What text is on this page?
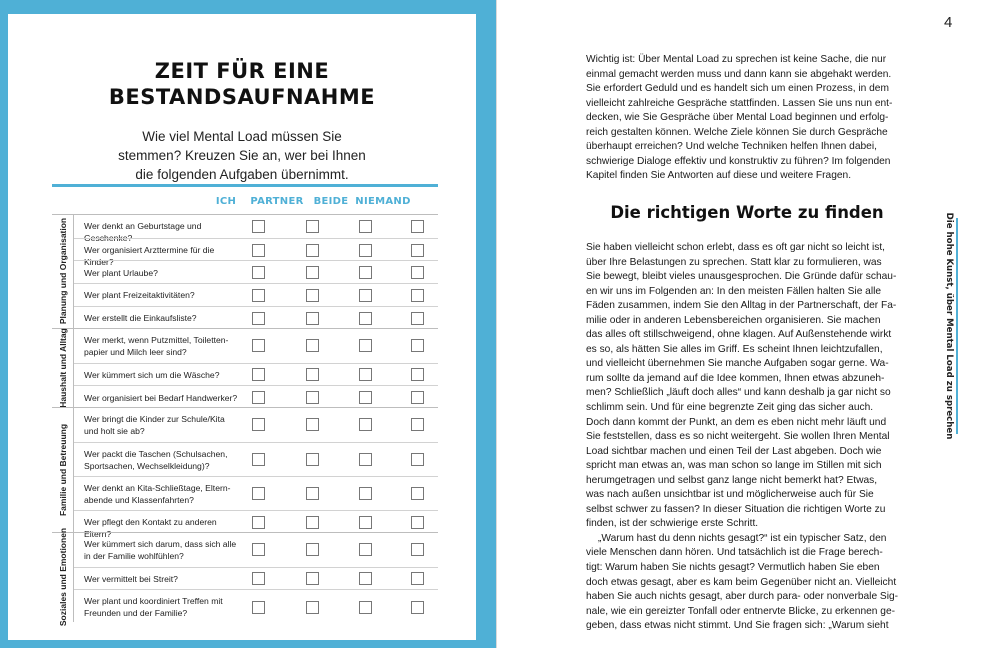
ZEIT FÜR EINE
BESTANDSAUFNAHME
Wie viel Mental Load müssen Sie
stemmen? Kreuzen Sie an, wer bei Ihnen
die folgenden Aufgaben übernimmt.
ICH	PARTNER BEIDE NIEMAND
Planung und Organisation Wer denkt an Geburtstage und Geschenke?
Wer organisiert Arzttermine für die Kinder?
Wer plant Urlaube?
Wer plant Freizeitaktivitäten?
Wer erstellt die Einkaufsliste?
Haushalt und Alltag Wer merkt, wenn Putzmittel, Toiletten-
papier und Milch leer sind?
Wer kümmert sich um die Wäsche?
Wer organisiert bei Bedarf Handwerker?
Familie und Betreuung
Wer bringt die Kinder zur Schule/Kita
und holt sie ab?
Wer packt die Taschen (Schulsachen,
Sportsachen, Wechselkleidung)?
Wer denkt an Kita-Schließtage, Eltern-
abende und Klassenfahrten?
Wer pflegt den Kontakt zu anderen Eltern?
Soziales und Emotionen Wer kümmert sich darum, dass sich alle
in der Familie wohlfühlen?
Wer vermittelt bei Streit?
Wer plant und koordiniert Treffen mit
Freunden und der Familie?
4
Wichtig ist: Über Mental Load zu sprechen ist keine Sache, die nur
einmal gemacht werden muss und dann kann sie abgehakt werden.
Sie erfordert Geduld und es handelt sich um einen Prozess, in dem
vielleicht zahlreiche Gespräche stattfinden. Lassen Sie uns nun ent-
decken, wie Sie Gespräche über Mental Load beginnen und erfolg-
reich gestalten können. Welche Ziele können Sie durch Gespräche
überhaupt erreichen? Und welche Techniken helfen Ihnen dabei,
schwierige Dialoge effektiv und konstruktiv zu führen? Im folgenden
Kapitel finden Sie Antworten auf diese und weitere Fragen.
Die richtigen Worte zu finden
Sie haben vielleicht schon erlebt, dass es oft gar nicht so leicht ist,
über Ihre Belastungen zu sprechen. Statt klar zu formulieren, was
Sie bewegt, bleibt vieles unausgesprochen. Die Gründe dafür schau-
en wir uns im Folgenden an: In den meisten Fällen halten Sie alle
Fäden zusammen, indem Sie den Alltag in der Partnerschaft, der Fa-
milie oder in anderen Lebensbereichen organisieren. Sie machen
das alles oft stillschweigend, ohne klagen. Auf Außenstehende wirkt
es so, als hätten Sie alles im Griff. Es scheint Ihnen leichtzufallen,
und vielleicht übernehmen Sie manche Aufgaben sogar gerne. Wa-
rum sollte da jemand auf die Idee kommen, Ihnen etwas abzuneh-
men? Schließlich „läuft doch alles“ und kann deshalb ja gar nicht so
schlimm sein. Und für eine begrenzte Zeit ging das sicher auch.
Doch dann kommt der Punkt, an dem es eben nicht mehr läuft und
Sie feststellen, dass es so nicht weitergeht. Sie wollen Ihren Mental
Load sichtbar machen und einen Teil der Last abgeben. Doch wie
spricht man etwas an, was man schon so lange im Stillen mit sich
herumgetragen und selbst ganz lange nicht bemerkt hat? Etwas,
was nach außen unsichtbar ist und möglicherweise auch für Sie
selbst schwer zu fassen? In dieser Situation die richtigen Worte zu
finden, ist der schwierige erste Schritt.
„Warum hast du denn nichts gesagt?“ ist ein typischer Satz, den
viele Menschen dann hören. Und tatsächlich ist die Frage berech-
tigt: Warum haben Sie nichts gesagt? Vermutlich haben Sie eben
doch etwas gesagt, aber es kam beim Gegenüber nicht an. Vielleicht
haben Sie auch nichts gesagt, aber durch para- oder nonverbale Sig-
nale, wie ein gereizter Tonfall oder entnervte Blicke, zu erkennen ge-
geben, dass etwas nicht stimmt. Und Sie fragen sich: „Warum sieht
Die hohe Kunst, über Mental Load zu sprechen
